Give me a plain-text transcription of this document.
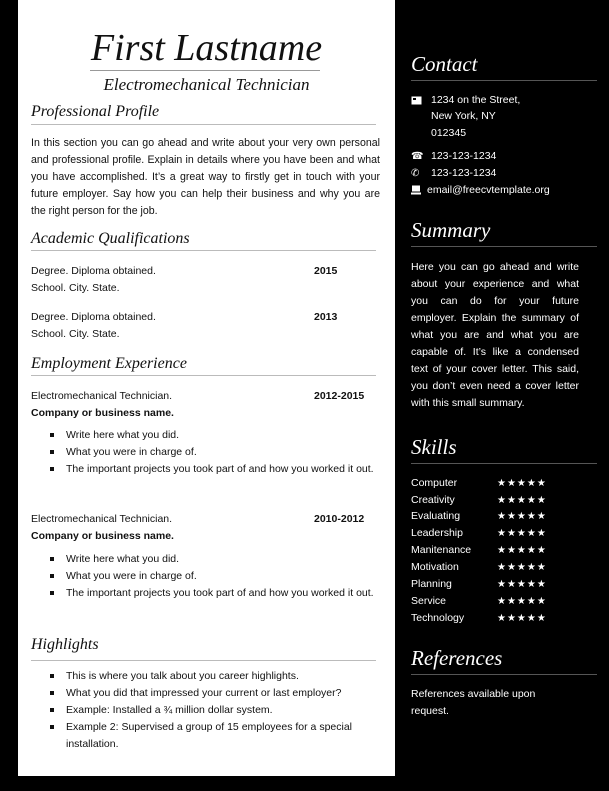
First Lastname
Electromechanical Technician
Professional Profile

In this section you can go ahead and write about your very own personal and professional profile. Explain in details where you have been and what you have accomplished. It’s a great way to firstly get in touch with your future employer. Say how you can help their business and why you are the right person for the job.

Academic Qualifications
Degree. Diploma obtained.	2015
School. City. State.
Degree. Diploma obtained.	2013
School. City. State.
Employment Experience
Electromechanical Technician.	2012-2015
Company or business name.
Write here what you did.
What you were in charge of.
The important projects you took part of and how you worked it out.
Electromechanical Technician.	2010-2012
Company or business name.
Write here what you did.
What you were in charge of.
The important projects you took part of and how you worked it out.
Highlights
This is where you talk about you career highlights.
What you did that impressed your current or last employer?
Example: Installed a ¾ million dollar system.
Example 2: Supervised a group of 15 employees for a special installation.
Contact
1234 on the Street,
New York, NY
012345
☎ 123-123-1234
✆ 123-123-1234
email@freecvtemplate.org
Summary

Here you can go ahead and write about your experience and what you can do for your future employer. Explain the summary of what you are and what you are capable of. It’s like a condensed text of your cover letter. This said, you don’t even need a cover letter with this small summary.

Skills
Computer	★★★★★
Creativity	★★★★★
Evaluating	★★★★★
Leadership	★★★★★
Manitenance	★★★★★
Motivation	★★★★★
Planning	★★★★★
Service	★★★★★
Technology	★★★★★
References
References available upon
request.
